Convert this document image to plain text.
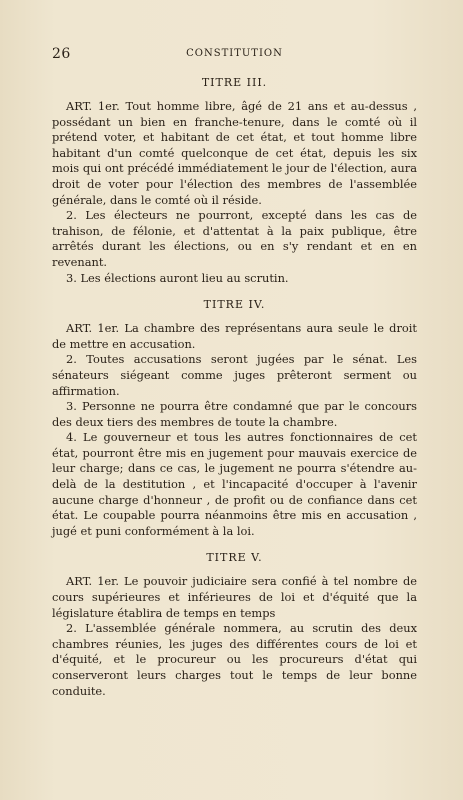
26	CONSTITUTION
TITRE III.

ART. 1er. Tout homme libre, âgé de 21 ans et au-dessus , possédant un bien en franche-tenure, dans le comté où il prétend voter, et habitant de cet état, et tout homme libre habitant d'un comté quelconque de cet état, depuis les six mois qui ont précédé immédiatement le jour de l'élection, aura droit de voter pour l'élection des membres de l'assemblée générale, dans le comté où il réside.

2. Les électeurs ne pourront, excepté dans les cas de trahison, de félonie, et d'attentat à la paix publique, être arrêtés durant les élections, ou en s'y rendant et en en revenant.

3. Les élections auront lieu au scrutin.

TITRE IV.

ART. 1er. La chambre des représentans aura seule le droit de mettre en accusation.

2. Toutes accusations seront jugées par le sénat. Les sénateurs siégeant comme juges prêteront serment ou affirmation.

3. Personne ne pourra être condamné que par le concours des deux tiers des membres de toute la chambre.

4. Le gouverneur et tous les autres fonctionnaires de cet état, pourront être mis en jugement pour mauvais exercice de leur charge; dans ce cas, le jugement ne pourra s'étendre au-delà de la destitution , et l'incapacité d'occuper à l'avenir aucune charge d'honneur , de profit ou de confiance dans cet état. Le coupable pourra néanmoins être mis en accusation , jugé et puni conformément à la loi.

TITRE V.

ART. 1er. Le pouvoir judiciaire sera confié à tel nombre de cours supérieures et inférieures de loi et d'équité que la législature établira de temps en temps

2. L'assemblée générale nommera, au scrutin des deux chambres réunies, les juges des différentes cours de loi et d'équité, et le procureur ou les procureurs d'état qui conserveront leurs charges tout le temps de leur bonne conduite.
